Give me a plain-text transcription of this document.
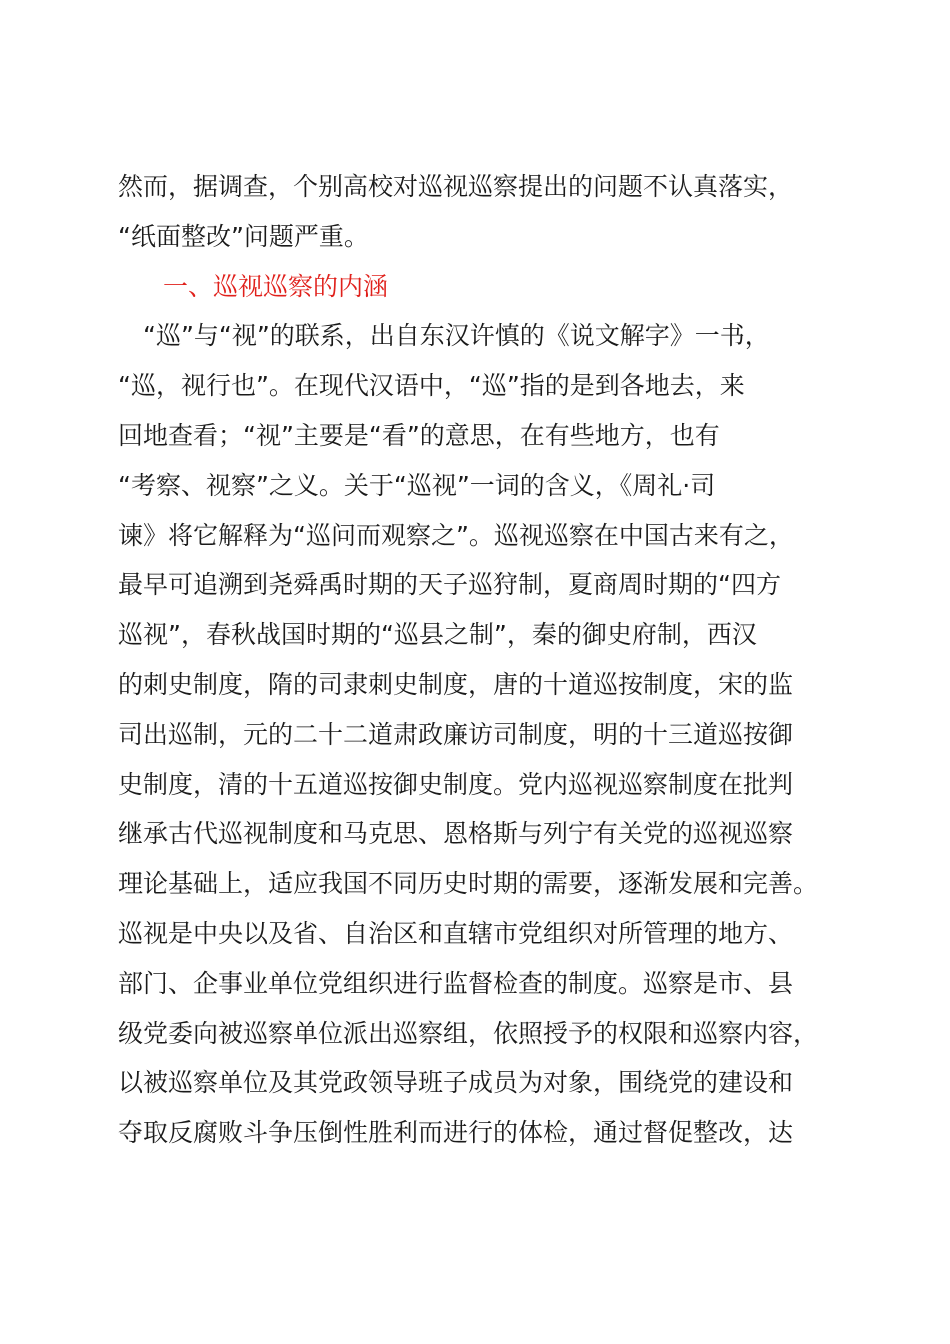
然而，据调查，个别高校对巡视巡察提出的问题不认真落实，
“纸面整改”问题严重。
一、巡视巡察的内涵
　“巡”与“视”的联系，出自东汉许慎的《说文解字》一书，
“巡，视行也”。在现代汉语中，“巡”指的是到各地去，来
回地查看；“视”主要是“看”的意思，在有些地方，也有
“考察、视察”之义。关于“巡视”一词的含义，《周礼·司
谏》将它解释为“巡问而观察之”。巡视巡察在中国古来有之，
最早可追溯到尧舜禹时期的天子巡狩制，夏商周时期的“四方
巡视”，春秋战国时期的“巡县之制”，秦的御史府制，西汉
的刺史制度，隋的司隶刺史制度，唐的十道巡按制度，宋的监
司出巡制，元的二十二道肃政廉访司制度，明的十三道巡按御
史制度，清的十五道巡按御史制度。党内巡视巡察制度在批判
继承古代巡视制度和马克思、恩格斯与列宁有关党的巡视巡察
理论基础上，适应我国不同历史时期的需要，逐渐发展和完善。
巡视是中央以及省、自治区和直辖市党组织对所管理的地方、
部门、企事业单位党组织进行监督检查的制度。巡察是市、县
级党委向被巡察单位派出巡察组，依照授予的权限和巡察内容，
以被巡察单位及其党政领导班子成员为对象，围绕党的建设和
夺取反腐败斗争压倒性胜利而进行的体检，通过督促整改，达
